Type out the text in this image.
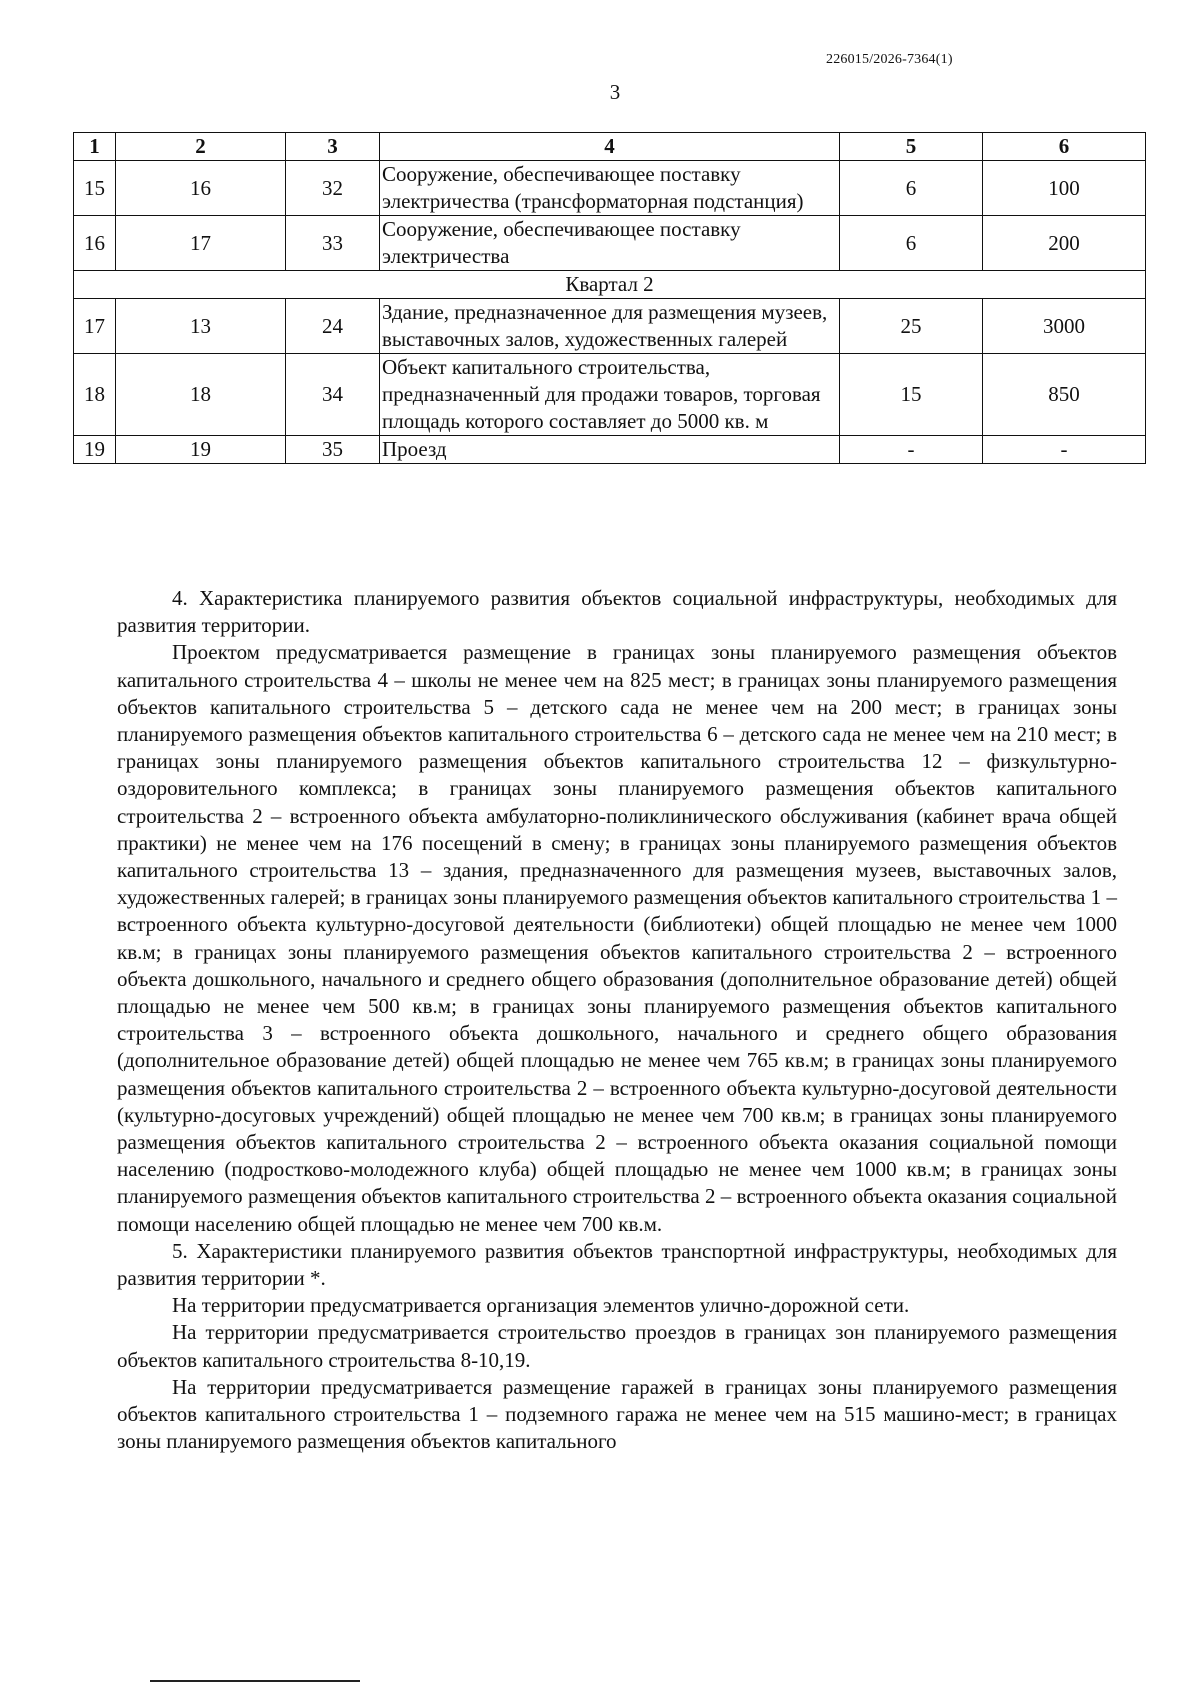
226015/2026-7364(1)
3
1	2	3	4	5	6
15	16	32	Сооружение, обеспечивающее поставку электричества (трансформаторная подстанция)	6	100
16	17	33	Сооружение, обеспечивающее поставку электричества	6	200
Квартал 2					
17	13	24	Здание, предназначенное для размещения музеев, выставочных залов, художественных галерей	25	3000
18	18	34	Объект капитального строительства, предназначенный для продажи товаров, торговая площадь которого составляет до 5000 кв. м	15	850
19	19	35	Проезд	-	-

4. Характеристика планируемого развития объектов социальной инфраструктуры, необходимых для развития территории.

Проектом предусматривается размещение в границах зоны планируемого размещения объектов капитального строительства 4 – школы не менее чем на 825 мест; в границах зоны планируемого размещения объектов капитального строительства 5 – детского сада не менее чем на 200 мест; в границах зоны планируемого размещения объектов капитального строительства 6 – детского сада не менее чем на 210 мест; в границах зоны планируемого размещения объектов капитального строительства 12 – физкультурно-оздоровительного комплекса; в границах зоны планируемого размещения объектов капитального строительства 2 – встроенного объекта амбулаторно-поликлинического обслуживания (кабинет врача общей практики) не менее чем на 176 посещений в смену; в границах зоны планируемого размещения объектов капитального строительства 13 – здания, предназначенного для размещения музеев, выставочных залов, художественных галерей; в границах зоны планируемого размещения объектов капитального строительства 1 – встроенного объекта культурно-досуговой деятельности (библиотеки) общей площадью не менее чем 1000 кв.м; в границах зоны планируемого размещения объектов капитального строительства 2 – встроенного объекта дошкольного, начального и среднего общего образования (дополнительное образование детей) общей площадью не менее чем 500 кв.м; в границах зоны планируемого размещения объектов капитального строительства 3 – встроенного объекта дошкольного, начального и среднего общего образования (дополнительное образование детей) общей площадью не менее чем 765 кв.м; в границах зоны планируемого размещения объектов капитального строительства 2 – встроенного объекта культурно-досуговой деятельности (культурно-досуговых учреждений) общей площадью не менее чем 700 кв.м; в границах зоны планируемого размещения объектов капитального строительства 2 – встроенного объекта оказания социальной помощи населению (подростково-молодежного клуба) общей площадью не менее чем 1000 кв.м; в границах зоны планируемого размещения объектов капитального строительства 2 – встроенного объекта оказания социальной помощи населению общей площадью не менее чем 700 кв.м.

5. Характеристики планируемого развития объектов транспортной инфраструктуры, необходимых для развития территории *.

На территории предусматривается организация элементов улично-дорожной сети.

На территории предусматривается строительство проездов в границах зон планируемого размещения объектов капитального строительства 8-10,19.

На территории предусматривается размещение гаражей в границах зоны планируемого размещения объектов капитального строительства 1 – подземного гаража не менее чем на 515 машино-мест; в границах зоны планируемого размещения объектов капитального
